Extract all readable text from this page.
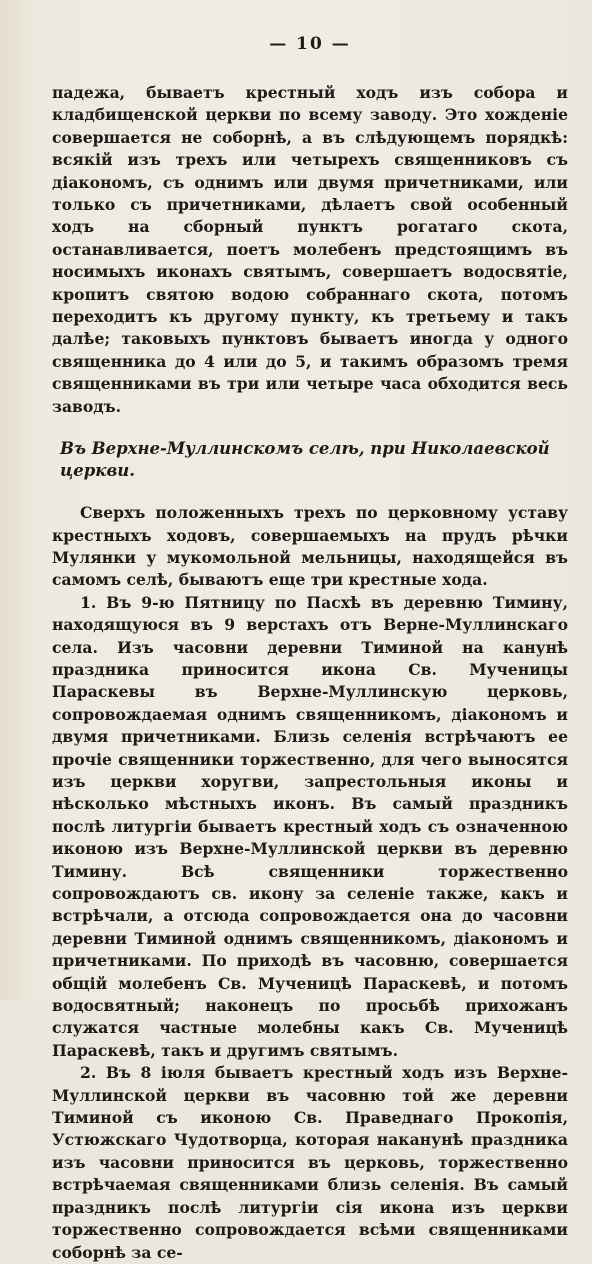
— 10 —

падежа, бываетъ крестный ходъ изъ собора и кладбищенской церкви по всему заводу. Это хожденіе совершается не соборнѣ, а въ слѣдующемъ порядкѣ: всякій изъ трехъ или четырехъ священниковъ съ діакономъ, съ однимъ или двумя причетниками, или только съ причетниками, дѣлаетъ свой особенный ходъ на сборный пунктъ рогатаго скота, останавливается, поетъ молебенъ предстоящимъ въ носимыхъ иконахъ святымъ, совершаетъ водосвятіе, кропитъ святою водою собраннаго скота, потомъ переходитъ къ другому пункту, къ третьему и такъ далѣе; таковыхъ пунктовъ бываетъ иногда у одного священника до 4 или до 5, и такимъ образомъ тремя священниками въ три или четыре часа обходится весь заводъ.

Въ Верхне-Муллинскомъ селѣ, при Николаевской церкви.

Сверхъ положенныхъ трехъ по церковному уставу крестныхъ ходовъ, совершаемыхъ на прудъ рѣчки Мулянки у мукомольной мельницы, находящейся въ самомъ селѣ, бываютъ еще три крестные хода.

1. Въ 9-ю Пятницу по Пасхѣ въ деревню Тимину, находящуюся въ 9 верстахъ отъ Верне-Муллинскаго села. Изъ часовни деревни Тиминой на канунѣ праздника приносится икона Св. Мученицы Параскевы въ Верхне-Муллинскую церковь, сопровождаемая однимъ священникомъ, діакономъ и двумя причетниками. Близь селенія встрѣчаютъ ее прочіе священники торжественно, для чего выносятся изъ церкви хоругви, запрестольныя иконы и нѣсколько мѣстныхъ иконъ. Въ самый праздникъ послѣ литургіи бываетъ крестный ходъ съ означенною иконою изъ Верхне-Муллинской церкви въ деревню Тимину. Всѣ священники торжественно сопровождаютъ св. икону за селеніе также, какъ и встрѣчали, а отсюда сопровождается она до часовни деревни Тиминой однимъ священникомъ, діакономъ и причетниками. По приходѣ въ часовню, совершается общій молебенъ Св. Мученицѣ Параскевѣ, и потомъ водосвятный; наконецъ по просьбѣ прихожанъ служатся частные молебны какъ Св. Мученицѣ Параскевѣ, такъ и другимъ святымъ.

2. Въ 8 іюля бываетъ крестный ходъ изъ Верхне-Муллинской церкви въ часовню той же деревни Тиминой съ иконою Св. Праведнаго Прокопія, Устюжскаго Чудотворца, которая наканунѣ праздника изъ часовни приносится въ церковь, торжественно встрѣчаемая священниками близь селенія. Въ самый праздникъ послѣ литургіи сія икона изъ церкви торжественно сопровождается всѣми священниками соборнѣ за се-
